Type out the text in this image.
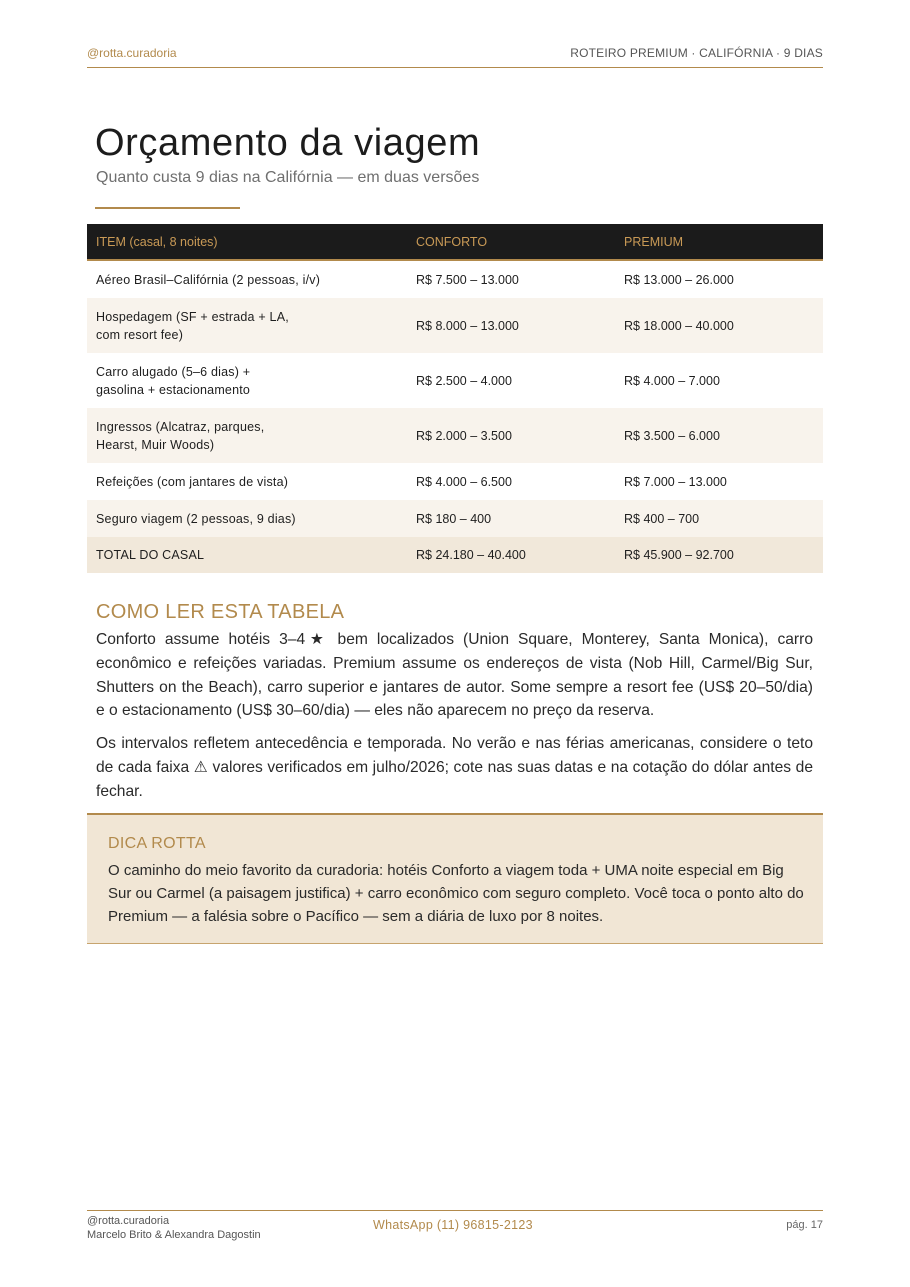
@rotta.curadoria	ROTEIRO PREMIUM · CALIFÓRNIA · 9 DIAS
Orçamento da viagem
Quanto custa 9 dias na Califórnia — em duas versões
ITEM (casal, 8 noites)	CONFORTO	PREMIUM
Aéreo Brasil–Califórnia (2 pessoas, i/v)	R$ 7.500 – 13.000	R$ 13.000 – 26.000
Hospedagem (SF + estrada + LA,
com resort fee)	R$ 8.000 – 13.000	R$ 18.000 – 40.000
Carro alugado (5–6 dias) +
gasolina + estacionamento	R$ 2.500 – 4.000	R$ 4.000 – 7.000
Ingressos (Alcatraz, parques,
Hearst, Muir Woods)	R$ 2.000 – 3.500	R$ 3.500 – 6.000
Refeições (com jantares de vista)	R$ 4.000 – 6.500	R$ 7.000 – 13.000
Seguro viagem (2 pessoas, 9 dias)	R$ 180 – 400	R$ 400 – 700
TOTAL DO CASAL	R$ 24.180 – 40.400	R$ 45.900 – 92.700
COMO LER ESTA TABELA

Conforto assume hotéis 3–4★ bem localizados (Union Square, Monterey, Santa Monica), carro econômico e refeições variadas. Premium assume os endereços de vista (Nob Hill, Carmel/Big Sur, Shutters on the Beach), carro superior e jantares de autor. Some sempre a resort fee (US$ 20–50/dia) e o estacionamento (US$ 30–60/dia) — eles não aparecem no preço da reserva.

Os intervalos refletem antecedência e temporada. No verão e nas férias americanas, considere o teto de cada faixa ⚠ valores verificados em julho/2026; cote nas suas datas e na cotação do dólar antes de fechar.

DICA ROTTA

O caminho do meio favorito da curadoria: hotéis Conforto a viagem toda + UMA noite especial em Big Sur ou Carmel (a paisagem justifica) + carro econômico com seguro completo. Você toca o ponto alto do Premium — a falésia sobre o Pacífico — sem a diária de luxo por 8 noites.

@rotta.curadoria
Marcelo Brito & Alexandra Dagostin
WhatsApp (11) 96815-2123	pág. 17
